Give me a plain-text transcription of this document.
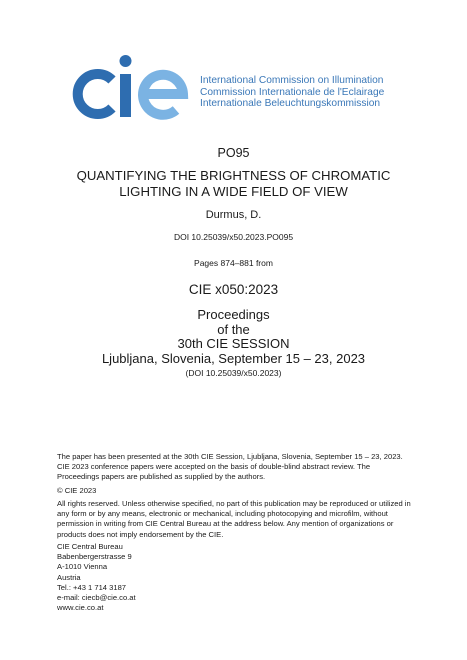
International Commission on Illumination
Commission Internationale de l'Eclairage
Internationale Beleuchtungskommission
PO95
QUANTIFYING THE BRIGHTNESS OF CHROMATIC
LIGHTING IN A WIDE FIELD OF VIEW
Durmus, D.
DOI 10.25039/x50.2023.PO095
Pages 874–881 from
CIE x050:2023
Proceedings
of the
30th CIE SESSION
Ljubljana, Slovenia, September 15 – 23, 2023
(DOI 10.25039/x50.2023)
The paper has been presented at the 30th CIE Session, Ljubljana, Slovenia, September 15 – 23, 2023. CIE 2023 conference papers were accepted on the basis of double-blind abstract review. The Proceedings papers are published as supplied by the authors.
© CIE 2023
All rights reserved. Unless otherwise specified, no part of this publication may be reproduced or utilized in any form or by any means, electronic or mechanical, including photocopying and microfilm, without permission in writing from CIE Central Bureau at the address below. Any mention of organizations or products does not imply endorsement by the CIE.
CIE Central Bureau
Babenbergerstrasse 9
A-1010 Vienna
Austria
Tel.: +43 1 714 3187
e-mail: ciecb@cie.co.at
www.cie.co.at
